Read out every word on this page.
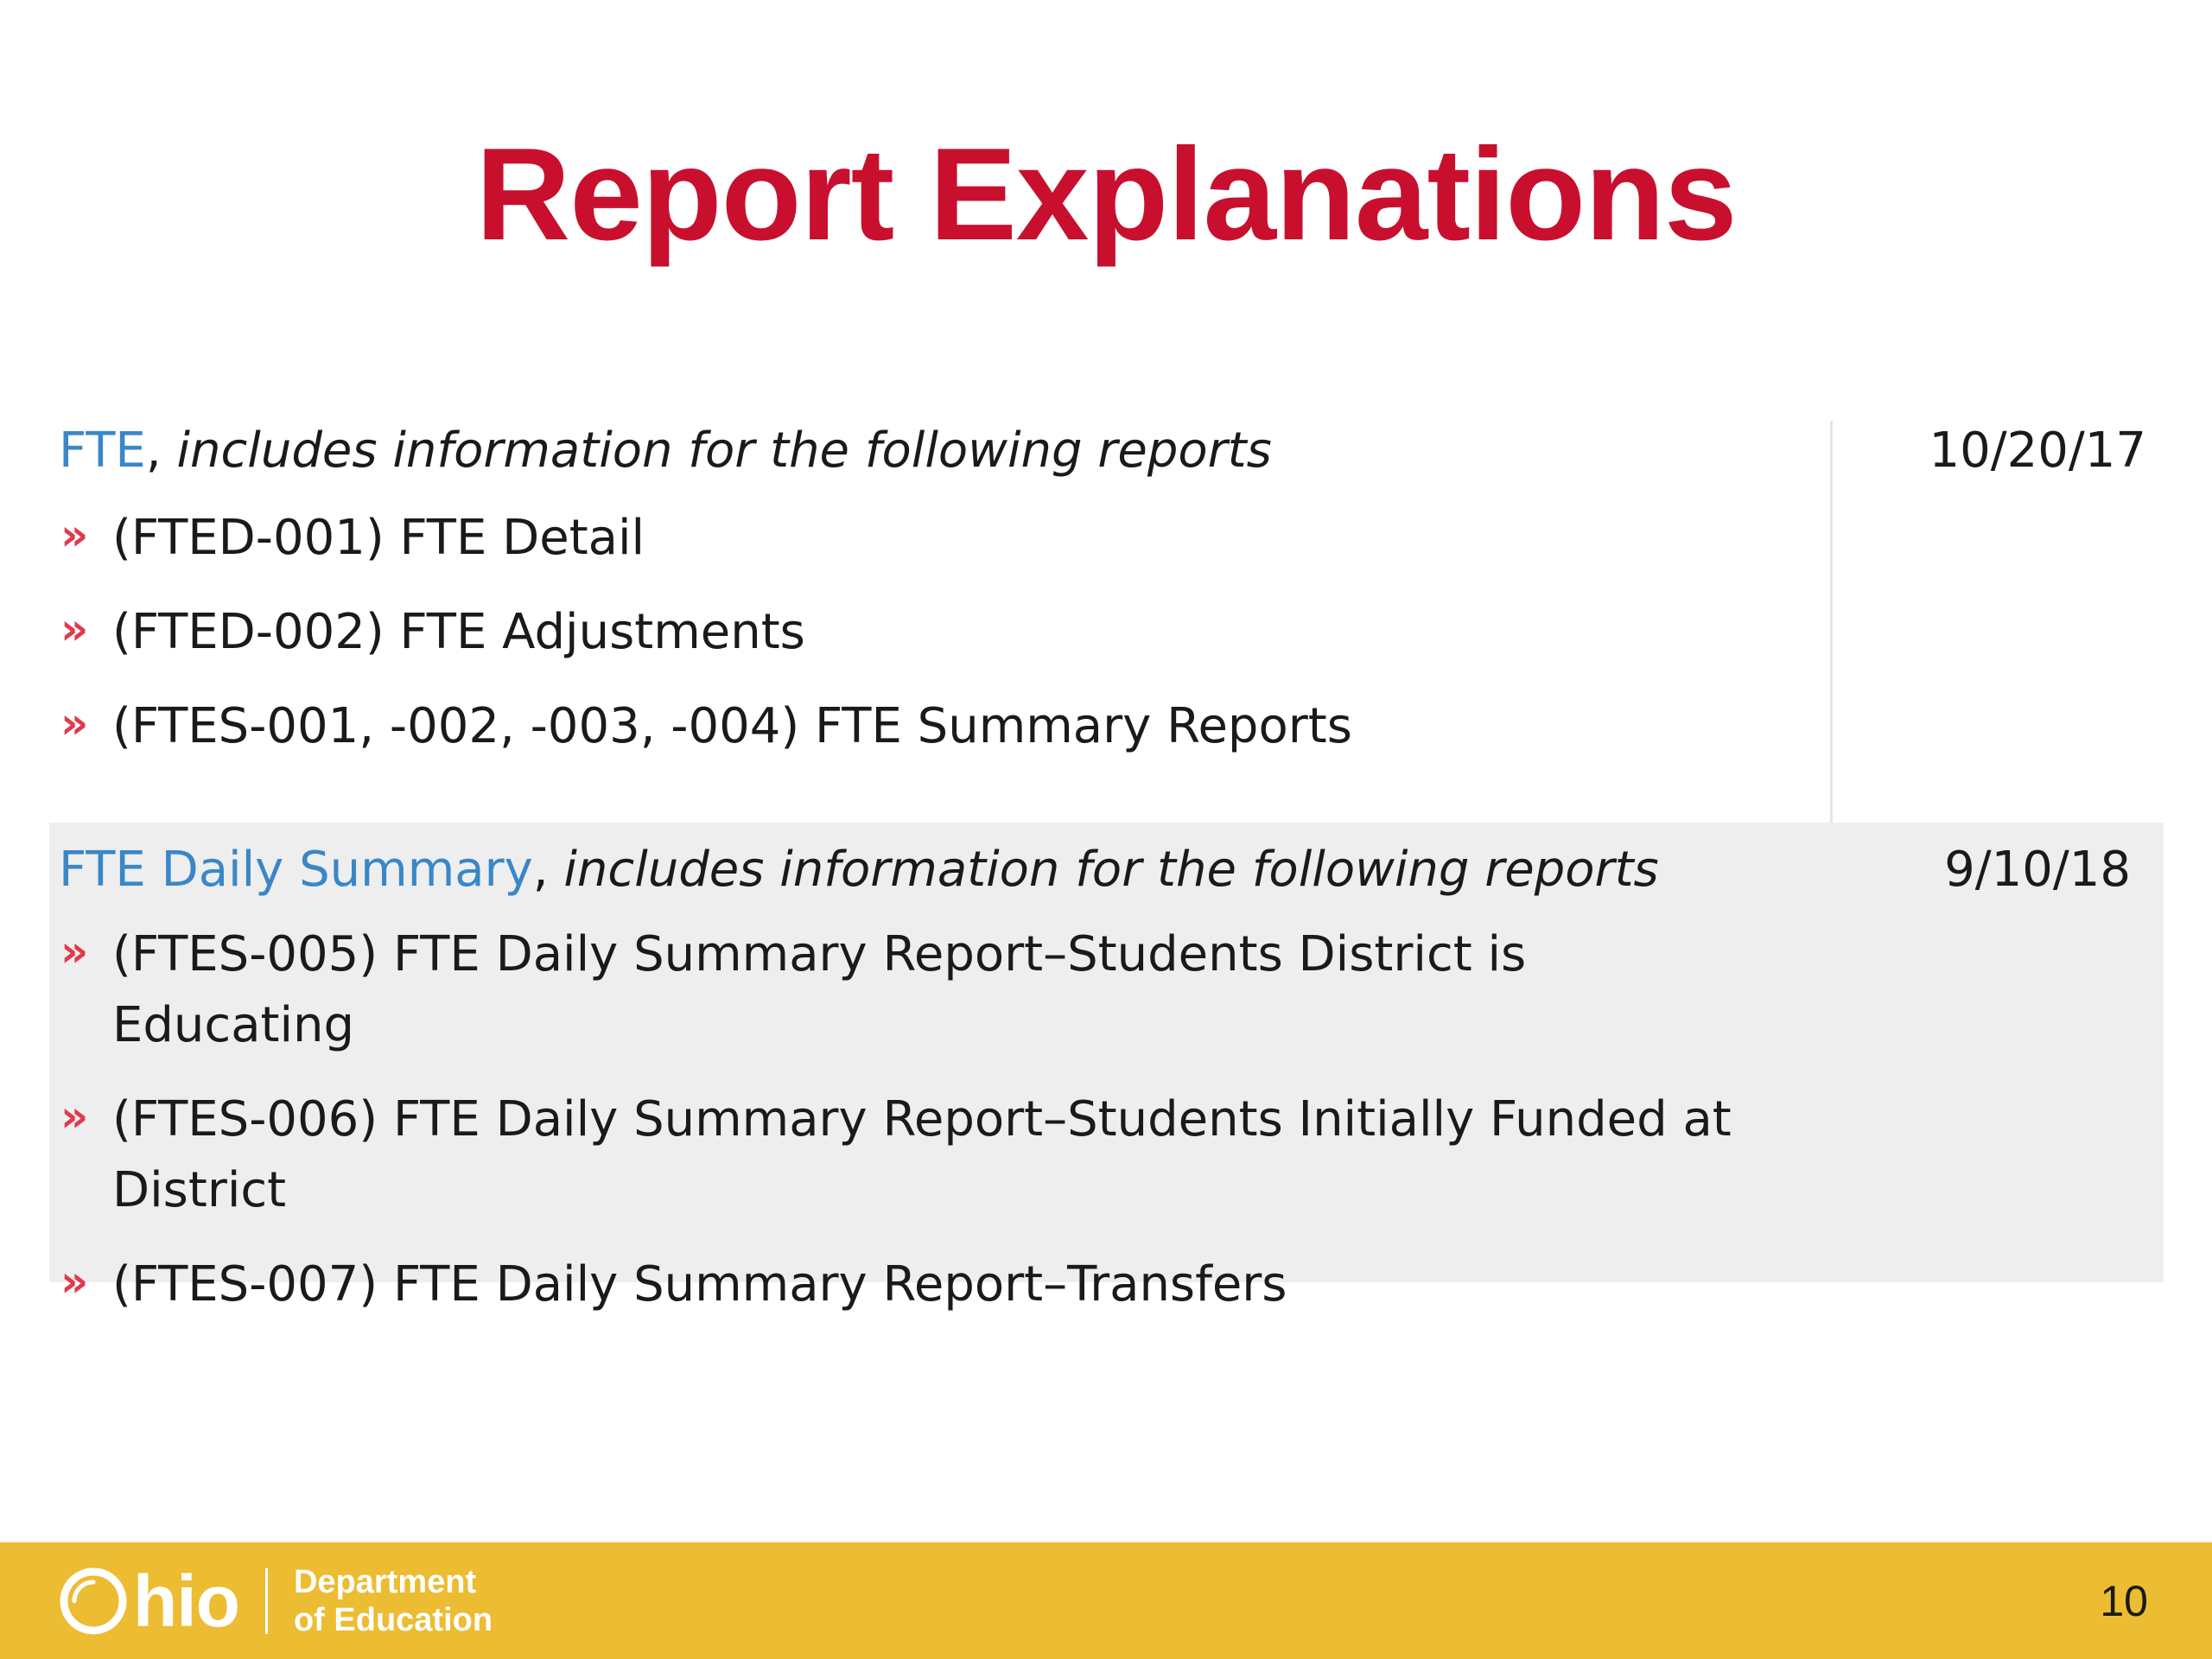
Report Explanations
FTE, includes information for the following reports	10/20/17
» (FTED-001) FTE Detail
» (FTED-002) FTE Adjustments
» (FTES-001, -002, -003, -004) FTE Summary Reports
FTE Daily Summary, includes information for the following reports	9/10/18
» (FTES-005) FTE Daily Summary Report–Students District is Educating
» (FTES-006) FTE Daily Summary Report–Students Initially Funded at District
» (FTES-007) FTE Daily Summary Report–Transfers
hio Department
of Education	10
